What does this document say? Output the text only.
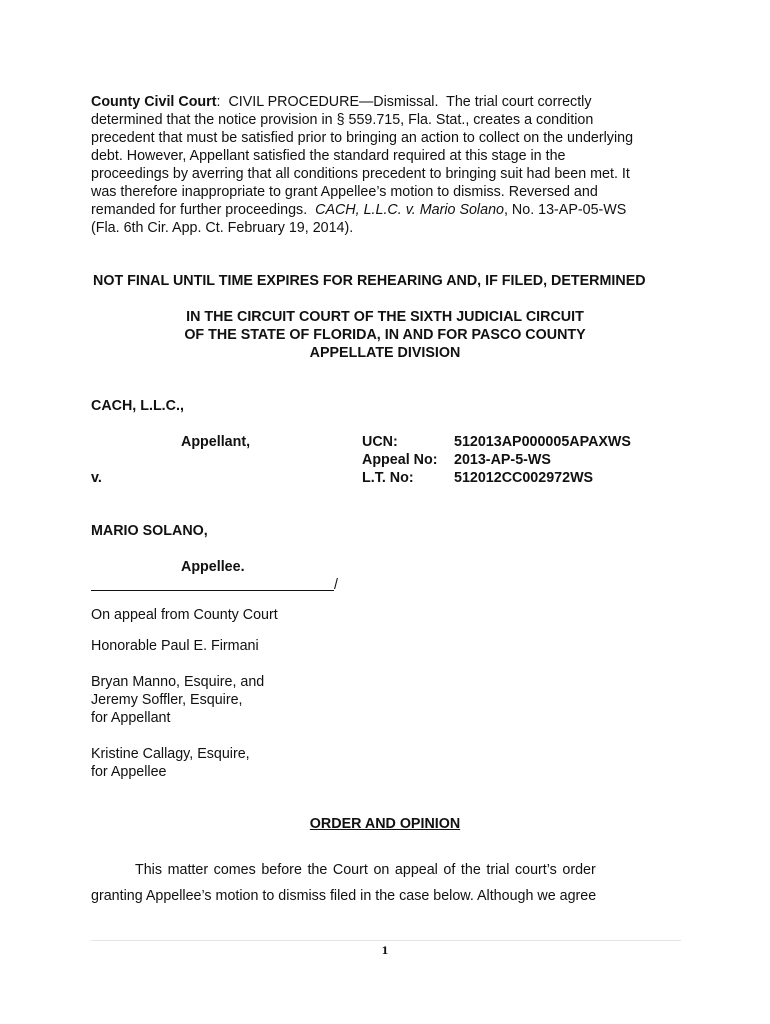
County Civil Court: CIVIL PROCEDURE—Dismissal. The trial court correctly
determined that the notice provision in § 559.715, Fla. Stat., creates a condition
precedent that must be satisfied prior to bringing an action to collect on the underlying
debt. However, Appellant satisfied the standard required at this stage in the
proceedings by averring that all conditions precedent to bringing suit had been met. It
was therefore inappropriate to grant Appellee’s motion to dismiss. Reversed and
remanded for further proceedings. CACH, L.L.C. v. Mario Solano, No. 13-AP-05-WS
(Fla. 6th Cir. App. Ct. February 19, 2014).
NOT FINAL UNTIL TIME EXPIRES FOR REHEARING AND, IF FILED, DETERMINED
IN THE CIRCUIT COURT OF THE SIXTH JUDICIAL CIRCUIT
OF THE STATE OF FLORIDA, IN AND FOR PASCO COUNTY
APPELLATE DIVISION
CACH, L.L.C.,
Appellant,
v.
UCN:	512013AP000005APAXWS
Appeal No: 2013-AP-5-WS
L.T. No:	512012CC002972WS
MARIO SOLANO,
Appellee.
/
On appeal from County Court
Honorable Paul E. Firmani
Bryan Manno, Esquire, and
Jeremy Soffler, Esquire,
for Appellant
Kristine Callagy, Esquire,
for Appellee
ORDER AND OPINION
This matter comes before the Court on appeal of the trial court’s order
granting Appellee’s motion to dismiss filed in the case below. Although we agree
1
